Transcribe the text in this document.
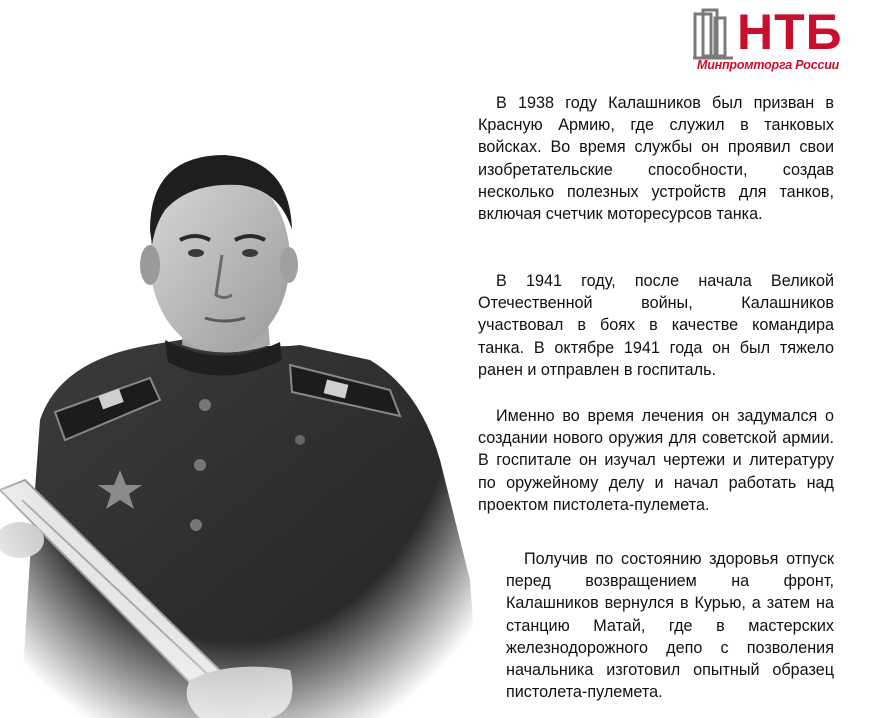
НТБ
Минпромторга России

В 1938 году Калашников был призван в Красную Армию, где служил в танковых войсках. Во время службы он проявил свои изобретательские способности, создав несколько полезных устройств для танков, включая счетчик моторесурсов танка.

В 1941 году, после начала Великой Отечественной войны, Калашников участвовал в боях в качестве командира танка. В октябре 1941 года он был тяжело ранен и отправлен в госпиталь.

Именно во время лечения он задумался о создании нового оружия для советской армии. В госпитале он изучал чертежи и литературу по оружейному делу и начал работать над проектом пистолета-пулемета.

Получив по состоянию здоровья отпуск перед возвращением на фронт, Калашников вернулся в Курью, а затем на станцию Матай, где в мастерских железнодорожного депо с позволения начальника изготовил опытный образец пистолета-пулемета.
